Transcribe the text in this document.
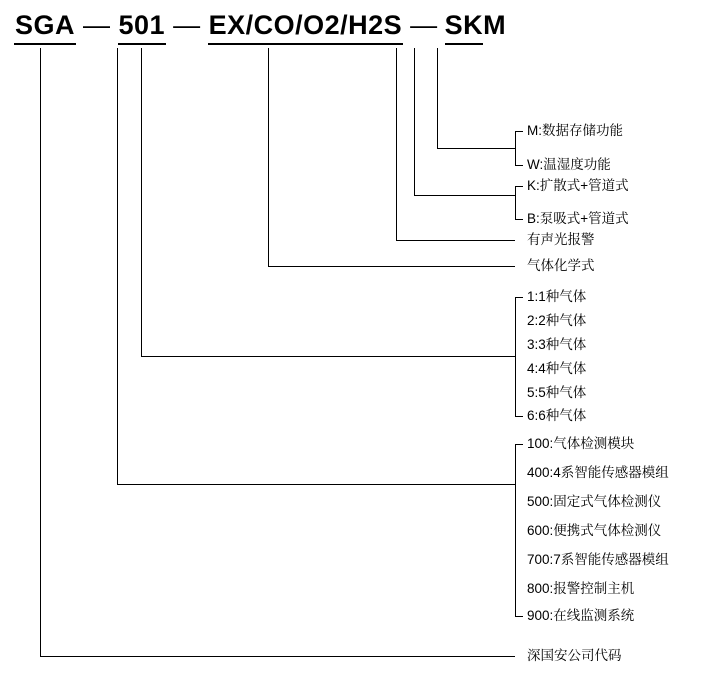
SGA — 501 — EX/CO/O2/H2S — SK M
M:数据存储功能
W:温湿度功能
K:扩散式+管道式
B:泵吸式+管道式
有声光报警
气体化学式
1:1种气体
2:2种气体
3:3种气体
4:4种气体
5:5种气体
6:6种气体
100:气体检测模块
400:4系智能传感器模组
500:固定式气体检测仪
600:便携式气体检测仪
700:7系智能传感器模组
800:报警控制主机
900:在线监测系统
深国安公司代码
